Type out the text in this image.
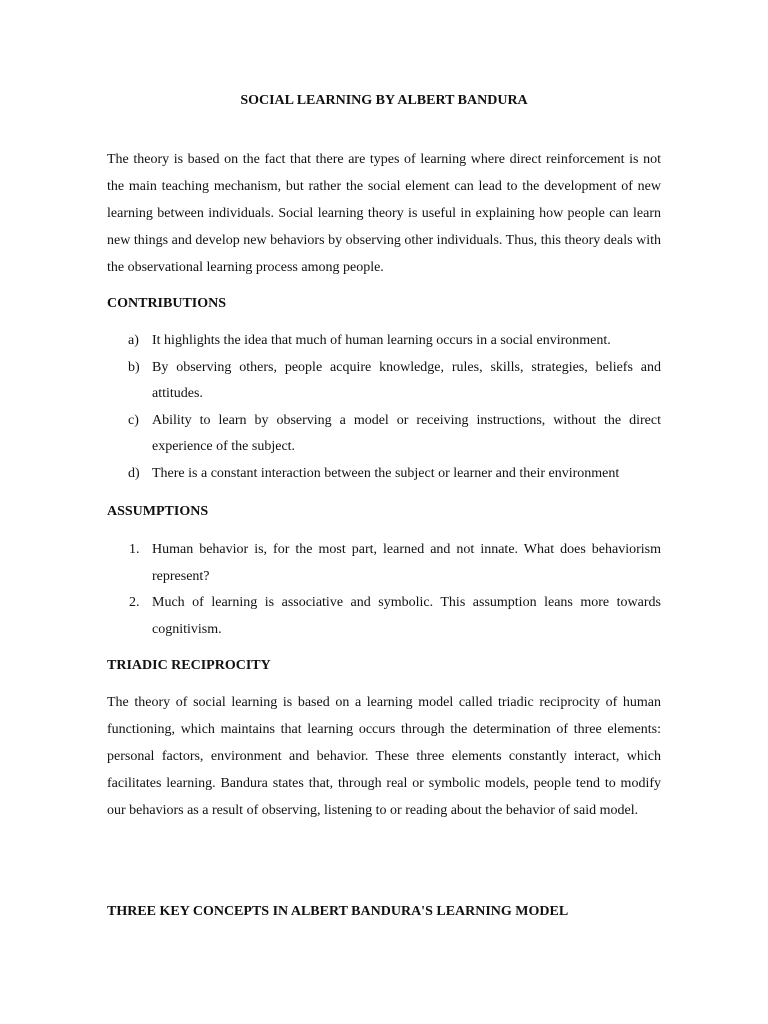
SOCIAL LEARNING BY ALBERT BANDURA

The theory is based on the fact that there are types of learning where direct reinforcement is not the main teaching mechanism, but rather the social element can lead to the development of new learning between individuals. Social learning theory is useful in explaining how people can learn new things and develop new behaviors by observing other individuals. Thus, this theory deals with the observational learning process among people.

CONTRIBUTIONS
a) It highlights the idea that much of human learning occurs in a social environment.
b) By observing others, people acquire knowledge, rules, skills, strategies, beliefs and attitudes.
c) Ability to learn by observing a model or receiving instructions, without the direct experience of the subject.
d) There is a constant interaction between the subject or learner and their environment
ASSUMPTIONS
1. Human behavior is, for the most part, learned and not innate. What does behaviorism represent?
2. Much of learning is associative and symbolic. This assumption leans more towards cognitivism.
TRIADIC RECIPROCITY

The theory of social learning is based on a learning model called triadic reciprocity of human functioning, which maintains that learning occurs through the determination of three elements: personal factors, environment and behavior. These three elements constantly interact, which facilitates learning. Bandura states that, through real or symbolic models, people tend to modify our behaviors as a result of observing, listening to or reading about the behavior of said model.

THREE KEY CONCEPTS IN ALBERT BANDURA'S LEARNING MODEL
